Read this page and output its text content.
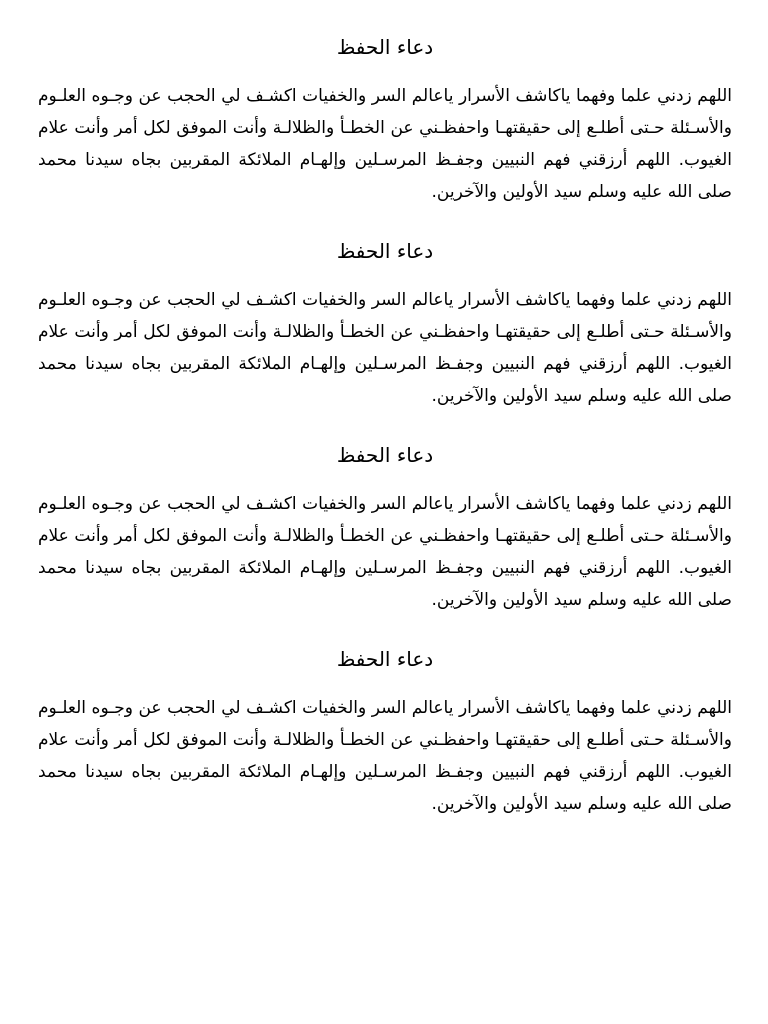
دعاء الحفظ

اللهم زدني علما وفهما ياكاشف الأسرار ياعالم السر والخفيات اكشـف لي الحجب عن وجـوه العلـوم والأسـئلة حـتى أطلـع إلى حقيقتهـا واحفظـني عن الخطـأ والظلالـة وأنت الموفق لكل أمر وأنت علام الغيوب. اللهم أرزقني فهم النبيين وجفـظ المرسـلين وإلهـام الملائكة المقربين بجاه سيدنا محمد صلى الله عليه وسلم سيد الأولين والآخرين.

دعاء الحفظ

اللهم زدني علما وفهما ياكاشف الأسرار ياعالم السر والخفيات اكشـف لي الحجب عن وجـوه العلـوم والأسـئلة حـتى أطلـع إلى حقيقتهـا واحفظـني عن الخطـأ والظلالـة وأنت الموفق لكل أمر وأنت علام الغيوب. اللهم أرزقني فهم النبيين وجفـظ المرسـلين وإلهـام الملائكة المقربين بجاه سيدنا محمد صلى الله عليه وسلم سيد الأولين والآخرين.

دعاء الحفظ

اللهم زدني علما وفهما ياكاشف الأسرار ياعالم السر والخفيات اكشـف لي الحجب عن وجـوه العلـوم والأسـئلة حـتى أطلـع إلى حقيقتهـا واحفظـني عن الخطـأ والظلالـة وأنت الموفق لكل أمر وأنت علام الغيوب. اللهم أرزقني فهم النبيين وجفـظ المرسـلين وإلهـام الملائكة المقربين بجاه سيدنا محمد صلى الله عليه وسلم سيد الأولين والآخرين.

دعاء الحفظ

اللهم زدني علما وفهما ياكاشف الأسرار ياعالم السر والخفيات اكشـف لي الحجب عن وجـوه العلـوم والأسـئلة حـتى أطلـع إلى حقيقتهـا واحفظـني عن الخطـأ والظلالـة وأنت الموفق لكل أمر وأنت علام الغيوب. اللهم أرزقني فهم النبيين وجفـظ المرسـلين وإلهـام الملائكة المقربين بجاه سيدنا محمد صلى الله عليه وسلم سيد الأولين والآخرين.
